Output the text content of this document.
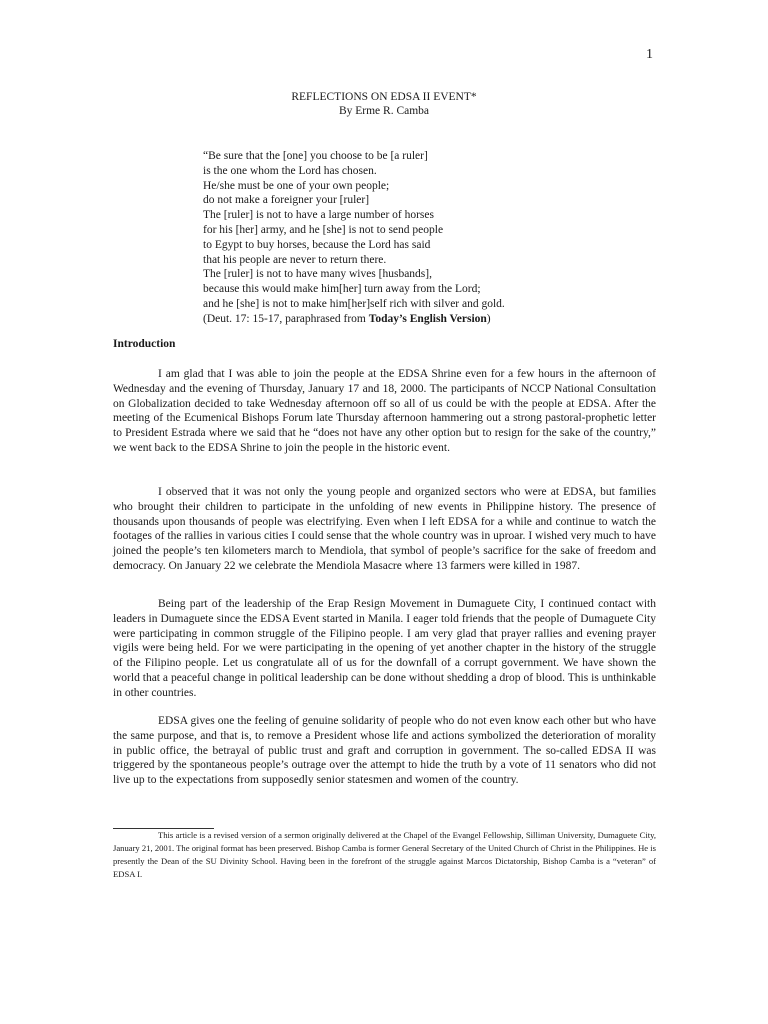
1
REFLECTIONS ON EDSA II EVENT*
By Erme R. Camba
“Be sure that the [one] you choose to be [a ruler]
is the one whom the Lord has chosen.
He/she must be one of your own people;
do not make a foreigner your [ruler]
The [ruler] is not to have a large number of horses
for his [her] army, and he [she] is not to send people
to Egypt to buy horses, because the Lord has said
that his people are never to return there.
The [ruler] is not to have many wives [husbands],
because this would make him[her] turn away from the Lord;
and he [she] is not to make him[her]self rich with silver and gold.
(Deut. 17: 15-17, paraphrased from Today’s English Version)
Introduction

I am glad that I was able to join the people at the EDSA Shrine even for a few hours in the afternoon of Wednesday and the evening of Thursday, January 17 and 18, 2000. The participants of NCCP National Consultation on Globalization decided to take Wednesday afternoon off so all of us could be with the people at EDSA. After the meeting of the Ecumenical Bishops Forum late Thursday afternoon hammering out a strong pastoral-prophetic letter to President Estrada where we said that he “does not have any other option but to resign for the sake of the country,” we went back to the EDSA Shrine to join the people in the historic event.

I observed that it was not only the young people and organized sectors who were at EDSA, but families who brought their children to participate in the unfolding of new events in Philippine history. The presence of thousands upon thousands of people was electrifying. Even when I left EDSA for a while and continue to watch the footages of the rallies in various cities I could sense that the whole country was in uproar. I wished very much to have joined the people’s ten kilometers march to Mendiola, that symbol of people’s sacrifice for the sake of freedom and democracy. On January 22 we celebrate the Mendiola Masacre where 13 farmers were killed in 1987.

Being part of the leadership of the Erap Resign Movement in Dumaguete City, I continued contact with leaders in Dumaguete since the EDSA Event started in Manila. I eager told friends that the people of Dumaguete City were participating in common struggle of the Filipino people. I am very glad that prayer rallies and evening prayer vigils were being held. For we were participating in the opening of yet another chapter in the history of the struggle of the Filipino people. Let us congratulate all of us for the downfall of a corrupt government. We have shown the world that a peaceful change in political leadership can be done without shedding a drop of blood. This is unthinkable in other countries.

EDSA gives one the feeling of genuine solidarity of people who do not even know each other but who have the same purpose, and that is, to remove a President whose life and actions symbolized the deterioration of morality in public office, the betrayal of public trust and graft and corruption in government. The so-called EDSA II was triggered by the spontaneous people’s outrage over the attempt to hide the truth by a vote of 11 senators who did not live up to the expectations from supposedly senior statesmen and women of the country.

This article is a revised version of a sermon originally delivered at the Chapel of the Evangel Fellowship, Silliman University, Dumaguete City, January 21, 2001. The original format has been preserved. Bishop Camba is former General Secretary of the United Church of Christ in the Philippines. He is presently the Dean of the SU Divinity School. Having been in the forefront of the struggle against Marcos Dictatorship, Bishop Camba is a “veteran” of EDSA I.
